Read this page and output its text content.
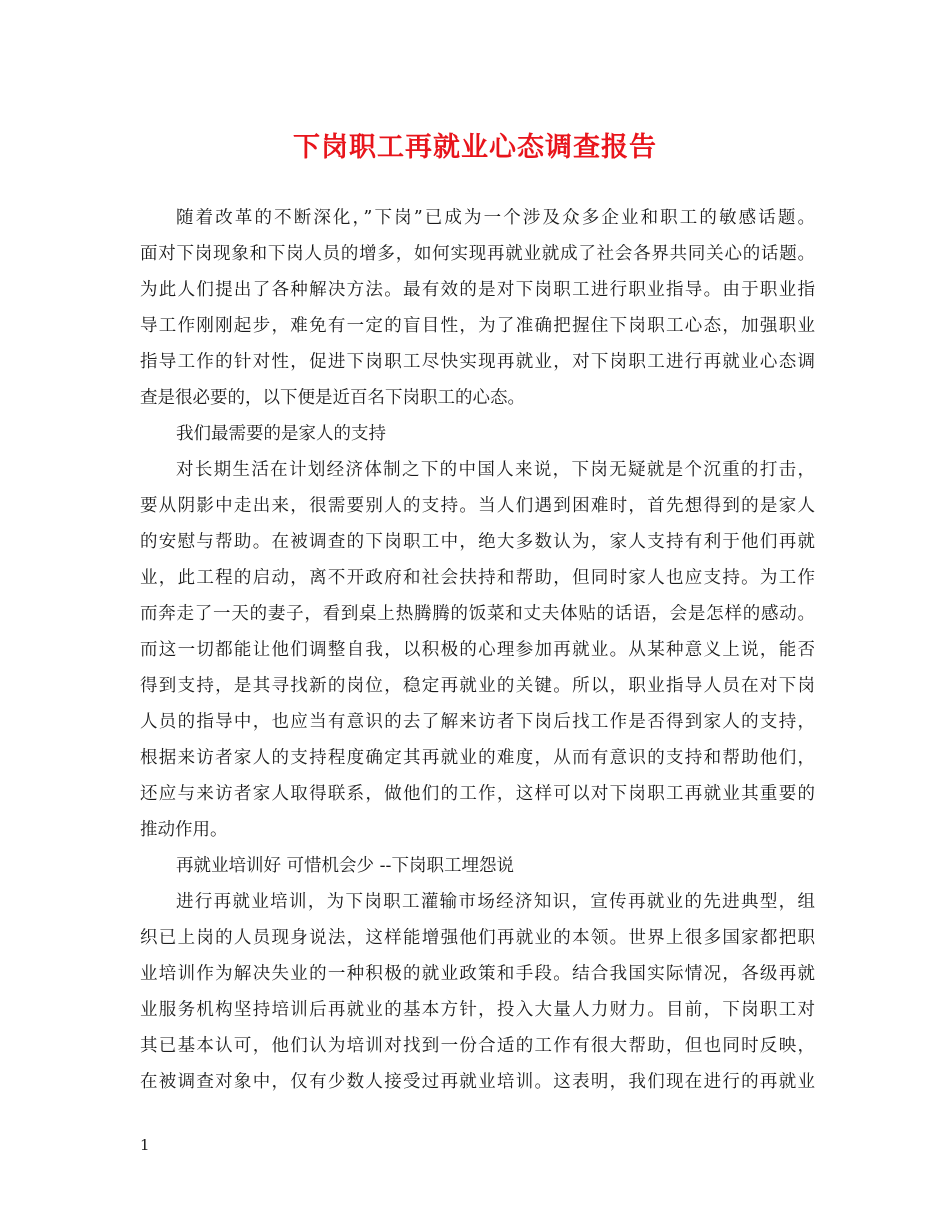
下岗职工再就业心态调查报告
随着改革的不断深化，”下岗”已成为一个涉及众多企业和职工的敏感话题。
面对下岗现象和下岗人员的增多，如何实现再就业就成了社会各界共同关心的话题。
为此人们提出了各种解决方法。最有效的是对下岗职工进行职业指导。由于职业指
导工作刚刚起步，难免有一定的盲目性，为了准确把握住下岗职工心态，加强职业
指导工作的针对性，促进下岗职工尽快实现再就业，对下岗职工进行再就业心态调
查是很必要的，以下便是近百名下岗职工的心态。
我们最需要的是家人的支持
对长期生活在计划经济体制之下的中国人来说，下岗无疑就是个沉重的打击，
要从阴影中走出来，很需要别人的支持。当人们遇到困难时，首先想得到的是家人
的安慰与帮助。在被调查的下岗职工中，绝大多数认为，家人支持有利于他们再就
业，此工程的启动，离不开政府和社会扶持和帮助，但同时家人也应支持。为工作
而奔走了一天的妻子，看到桌上热腾腾的饭菜和丈夫体贴的话语，会是怎样的感动。
而这一切都能让他们调整自我，以积极的心理参加再就业。从某种意义上说，能否
得到支持，是其寻找新的岗位，稳定再就业的关键。所以，职业指导人员在对下岗
人员的指导中，也应当有意识的去了解来访者下岗后找工作是否得到家人的支持，
根据来访者家人的支持程度确定其再就业的难度，从而有意识的支持和帮助他们，
还应与来访者家人取得联系，做他们的工作，这样可以对下岗职工再就业其重要的
推动作用。
再就业培训好 可惜机会少 --下岗职工埋怨说
进行再就业培训，为下岗职工灌输市场经济知识，宣传再就业的先进典型，组
织已上岗的人员现身说法，这样能增强他们再就业的本领。世界上很多国家都把职
业培训作为解决失业的一种积极的就业政策和手段。结合我国实际情况，各级再就
业服务机构坚持培训后再就业的基本方针，投入大量人力财力。目前，下岗职工对
其已基本认可，他们认为培训对找到一份合适的工作有很大帮助，但也同时反映，
在被调查对象中，仅有少数人接受过再就业培训。这表明，我们现在进行的再就业
1
